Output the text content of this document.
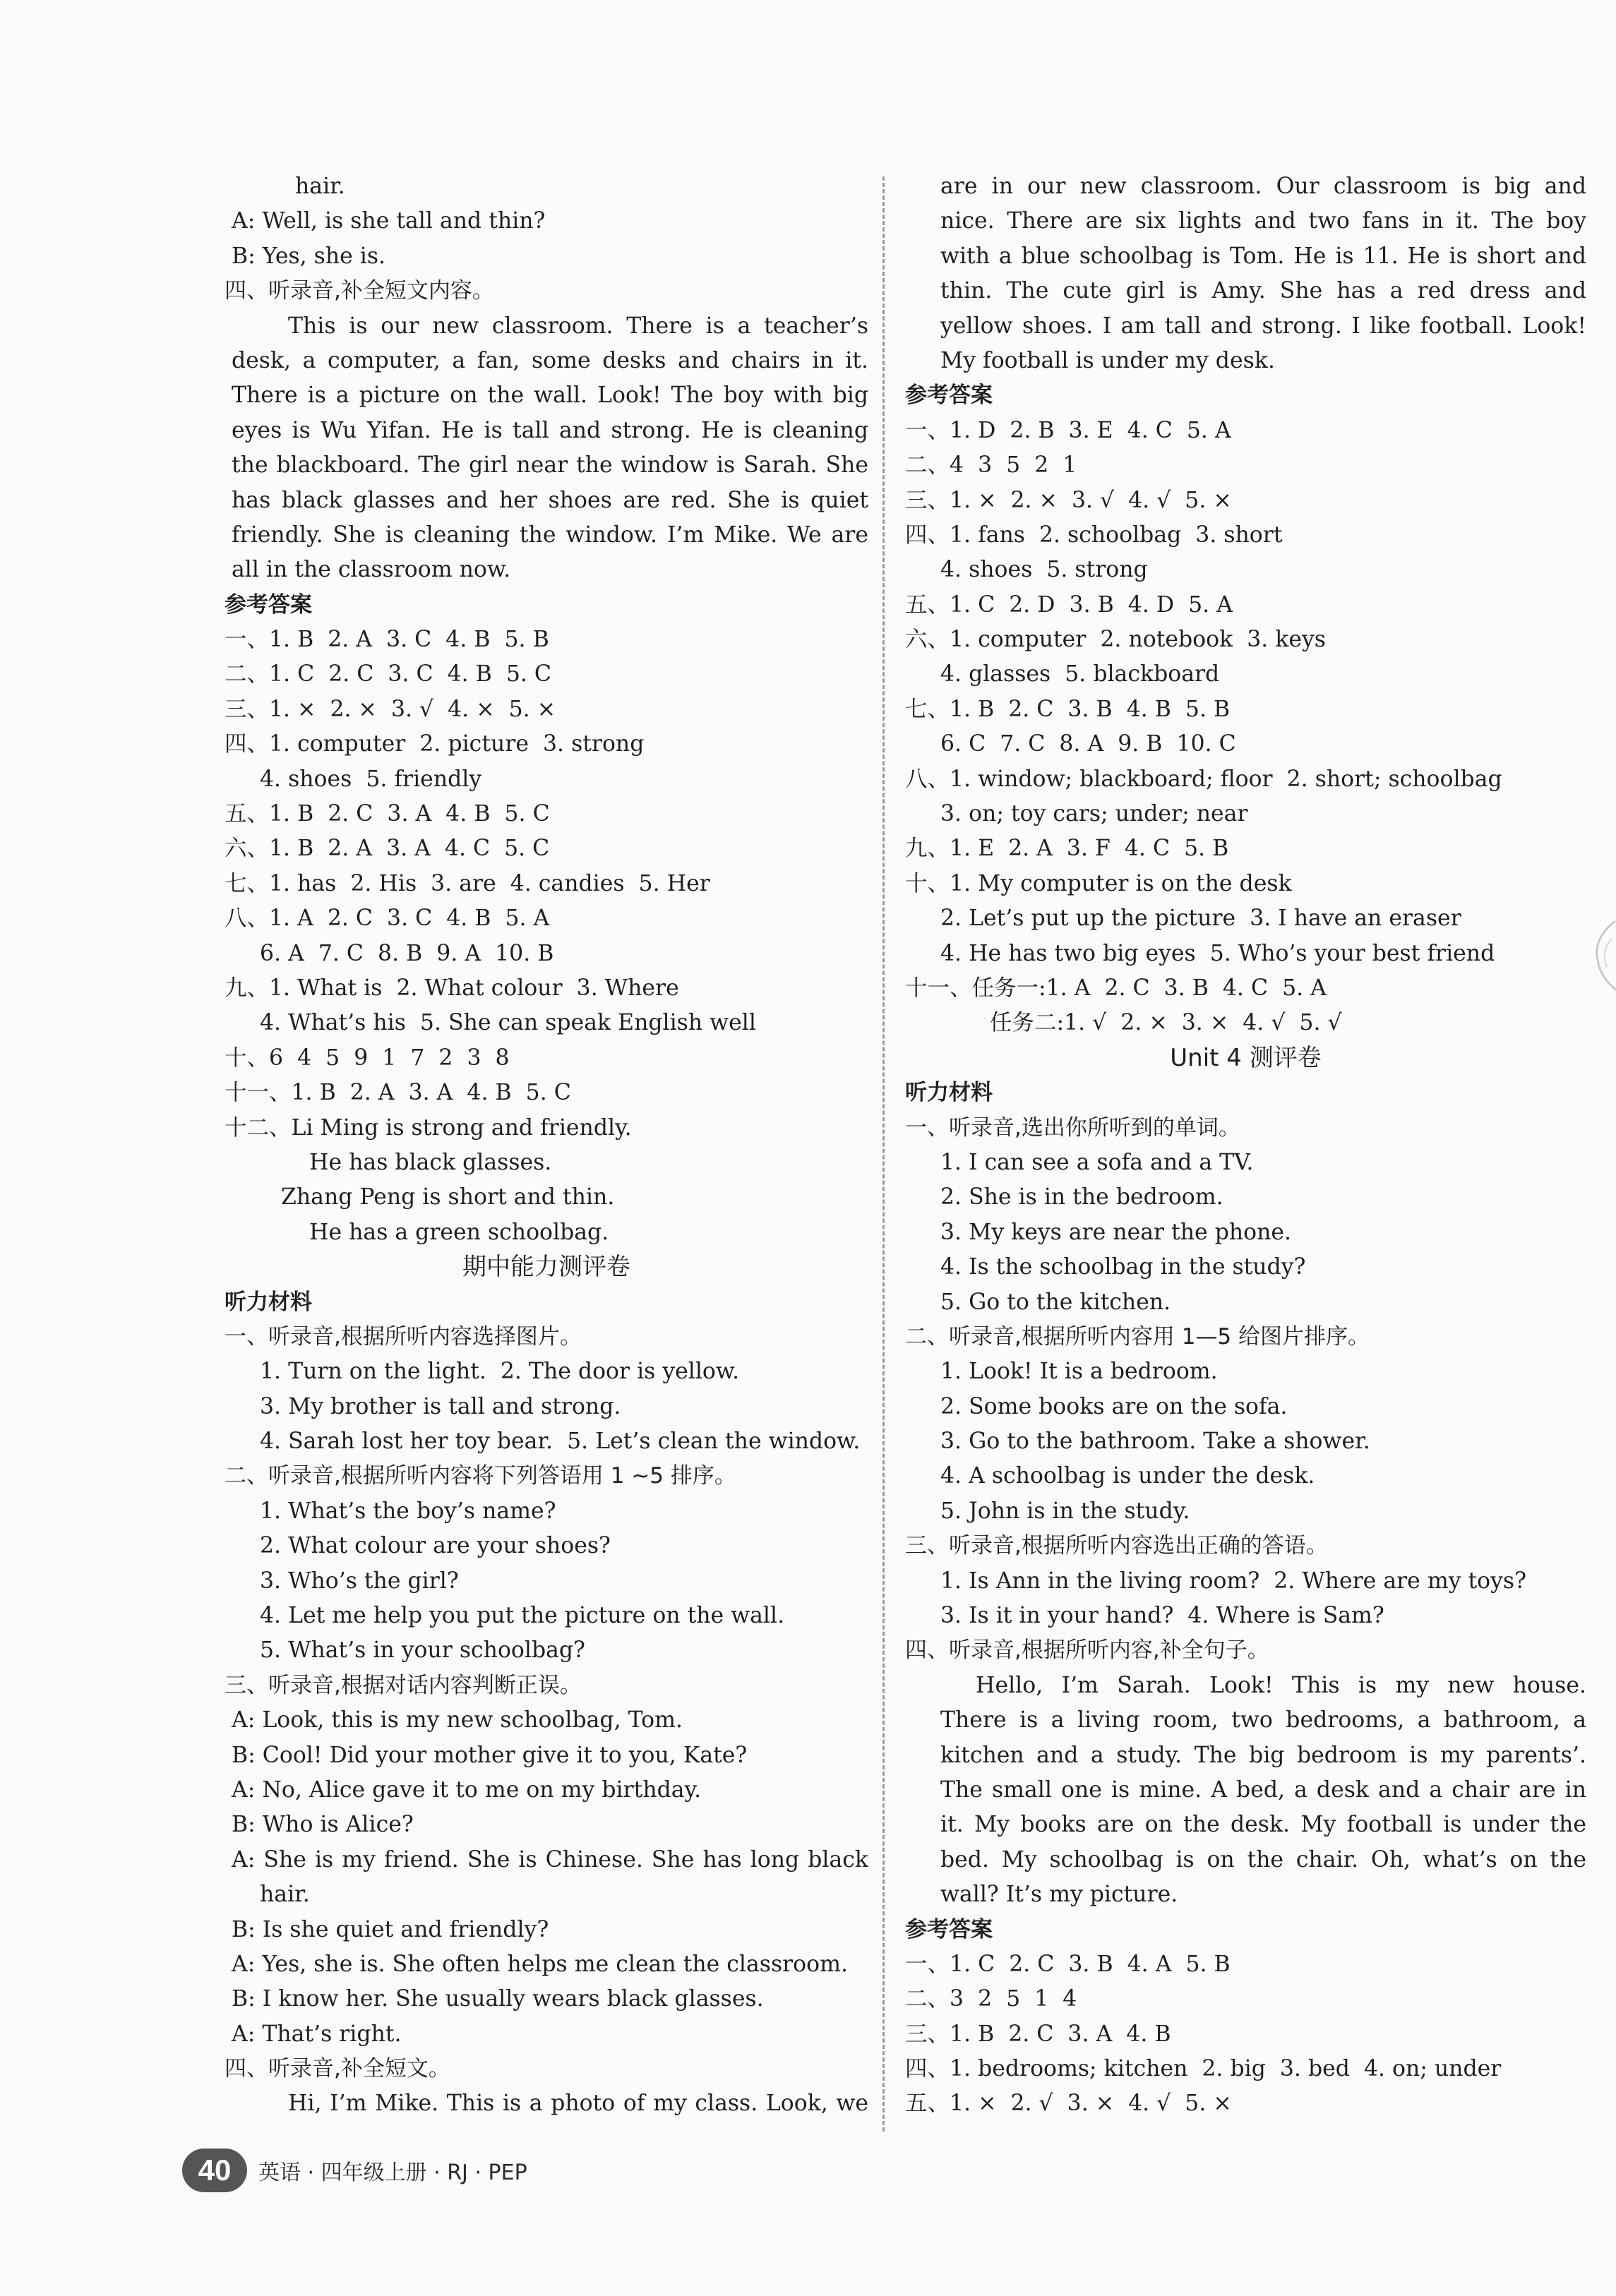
hair.
A: Well, is she tall and thin?
B: Yes, she is.
四、听录音,补全短文内容。
This is our new classroom. There is a teacher’s
desk, a computer, a fan, some desks and chairs in it.
There is a picture on the wall. Look! The boy with big
eyes is Wu Yifan. He is tall and strong. He is cleaning
the blackboard. The girl near the window is Sarah. She
has black glasses and her shoes are red. She is quiet
friendly. She is cleaning the window. I’m Mike. We are
all in the classroom now.
参考答案
一、1. B  2. A  3. C  4. B  5. B
二、1. C  2. C  3. C  4. B  5. C
三、1. ×  2. ×  3. √  4. ×  5. ×
四、1. computer  2. picture  3. strong
4. shoes  5. friendly
五、1. B  2. C  3. A  4. B  5. C
六、1. B  2. A  3. A  4. C  5. C
七、1. has  2. His  3. are  4. candies  5. Her
八、1. A  2. C  3. C  4. B  5. A
6. A  7. C  8. B  9. A  10. B
九、1. What is  2. What colour  3. Where
4. What’s his  5. She can speak English well
十、6  4  5  9  1  7  2  3  8
十一、1. B  2. A  3. A  4. B  5. C
十二、Li Ming is strong and friendly.
He has black glasses.
Zhang Peng is short and thin.
He has a green schoolbag.
期中能力测评卷
听力材料
一、听录音,根据所听内容选择图片。
1. Turn on the light.  2. The door is yellow.
3. My brother is tall and strong.
4. Sarah lost her toy bear.  5. Let’s clean the window.
二、听录音,根据所听内容将下列答语用 1 ~5 排序。
1. What’s the boy’s name?
2. What colour are your shoes?
3. Who’s the girl?
4. Let me help you put the picture on the wall.
5. What’s in your schoolbag?
三、听录音,根据对话内容判断正误。
A: Look, this is my new schoolbag, Tom.
B: Cool! Did your mother give it to you, Kate?
A: No, Alice gave it to me on my birthday.
B: Who is Alice?
A: She is my friend. She is Chinese. She has long black
hair.
B: Is she quiet and friendly?
A: Yes, she is. She often helps me clean the classroom.
B: I know her. She usually wears black glasses.
A: That’s right.
四、听录音,补全短文。
Hi, I’m Mike. This is a photo of my class. Look, we
are in our new classroom. Our classroom is big and
nice. There are six lights and two fans in it. The boy
with a blue schoolbag is Tom. He is 11. He is short and
thin. The cute girl is Amy. She has a red dress and
yellow shoes. I am tall and strong. I like football. Look!
My football is under my desk.
参考答案
一、1. D  2. B  3. E  4. C  5. A
二、4  3  5  2  1
三、1. ×  2. ×  3. √  4. √  5. ×
四、1. fans  2. schoolbag  3. short
4. shoes  5. strong
五、1. C  2. D  3. B  4. D  5. A
六、1. computer  2. notebook  3. keys
4. glasses  5. blackboard
七、1. B  2. C  3. B  4. B  5. B
6. C  7. C  8. A  9. B  10. C
八、1. window; blackboard; floor  2. short; schoolbag
3. on; toy cars; under; near
九、1. E  2. A  3. F  4. C  5. B
十、1. My computer is on the desk
2. Let’s put up the picture  3. I have an eraser
4. He has two big eyes  5. Who’s your best friend
十一、任务一:1. A  2. C  3. B  4. C  5. A
任务二:1. √  2. ×  3. ×  4. √  5. √
Unit 4 测评卷
听力材料
一、听录音,选出你所听到的单词。
1. I can see a sofa and a TV.
2. She is in the bedroom.
3. My keys are near the phone.
4. Is the schoolbag in the study?
5. Go to the kitchen.
二、听录音,根据所听内容用 1—5 给图片排序。
1. Look! It is a bedroom.
2. Some books are on the sofa.
3. Go to the bathroom. Take a shower.
4. A schoolbag is under the desk.
5. John is in the study.
三、听录音,根据所听内容选出正确的答语。
1. Is Ann in the living room?  2. Where are my toys?
3. Is it in your hand?  4. Where is Sam?
四、听录音,根据所听内容,补全句子。
Hello, I’m Sarah. Look! This is my new house.
There is a living room, two bedrooms, a bathroom, a
kitchen and a study. The big bedroom is my parents’.
The small one is mine. A bed, a desk and a chair are in
it. My books are on the desk. My football is under the
bed. My schoolbag is on the chair. Oh, what’s on the
wall? It’s my picture.
参考答案
一、1. C  2. C  3. B  4. A  5. B
二、3  2  5  1  4
三、1. B  2. C  3. A  4. B
四、1. bedrooms; kitchen  2. big  3. bed  4. on; under
五、1. ×  2. √  3. ×  4. √  5. ×
40	英语 · 四年级上册 · RJ · PEP
